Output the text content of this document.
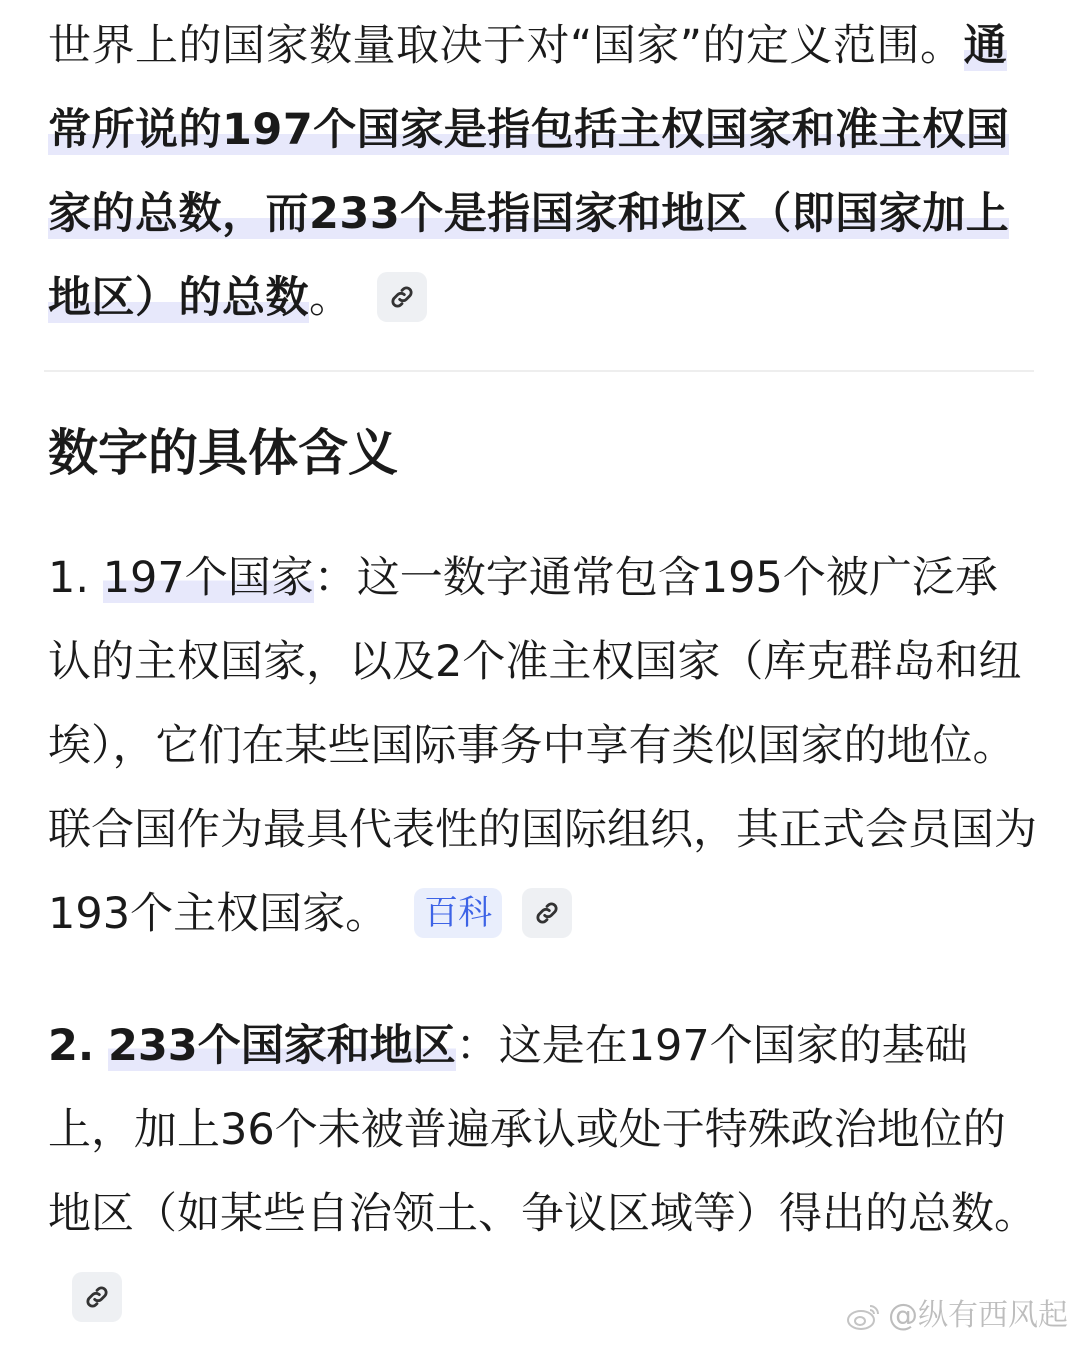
世界上的国家数量取决于对“国家”的定义范围。通常所说的197个国家是指包括主权国家和准主权国家的总数，而233个是指国家和地区（即国家加上地区）的总数。

数字的具体含义

1. 197个国家：这一数字通常包含195个被广泛承认的主权国家，以及2个准主权国家（库克群岛和纽埃），它们在某些国际事务中享有类似国家的地位。联合国作为最具代表性的国际组织，其正式会员国为193个主权国家。 百科

2. 233个国家和地区：这是在197个国家的基础上，加上36个未被普遍承认或处于特殊政治地位的地区（如某些自治领土、争议区域等）得出的总数。

@纵有西风起
